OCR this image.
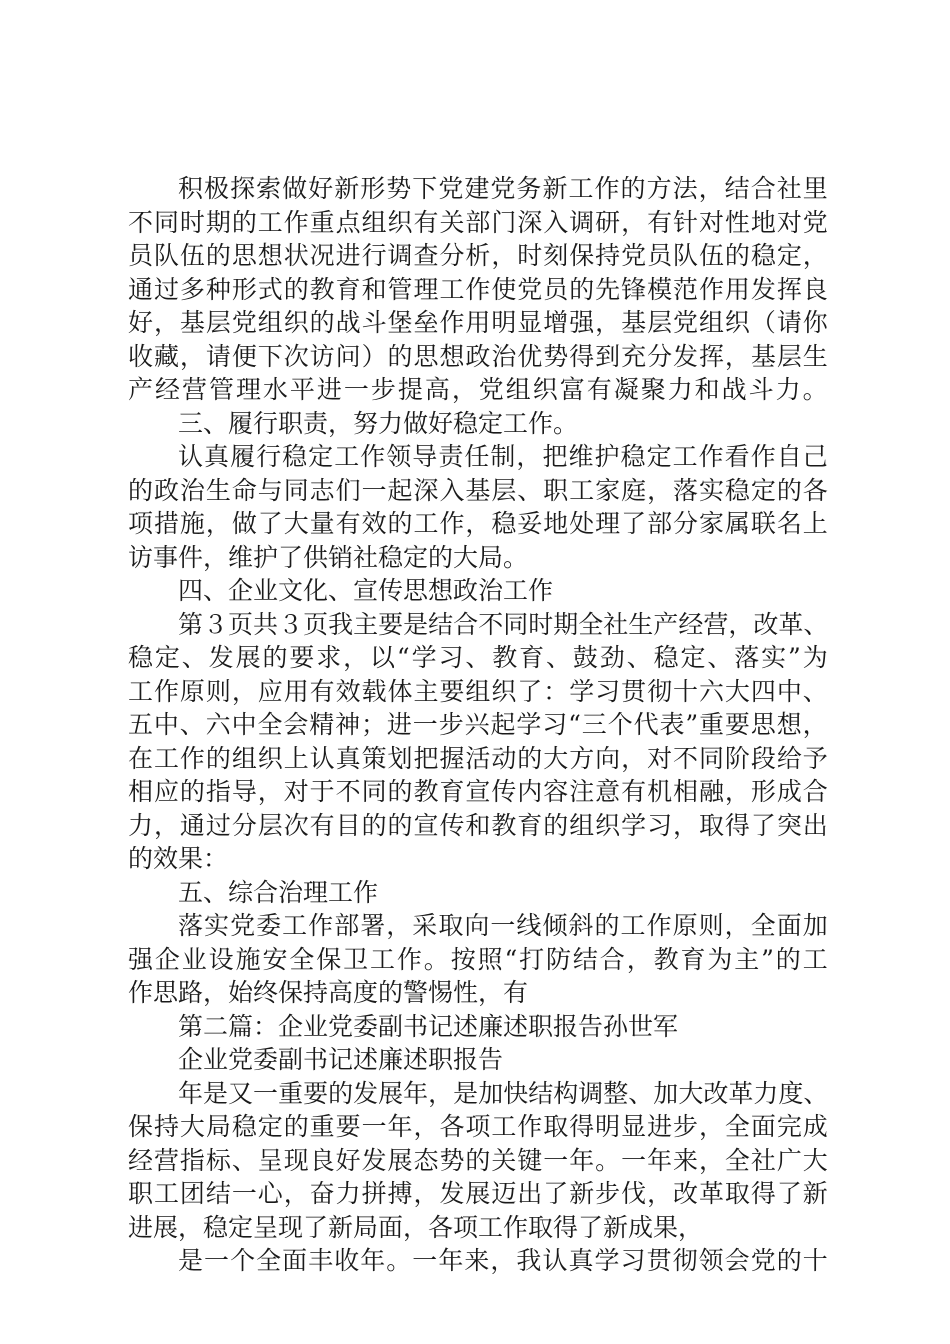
积 极 探 索 做 好 新 形 势 下 党 建 党 务 新 工 作 的 方 法 ， 结 合 社 里
不 同 时 期 的 工 作 重 点 组 织 有 关 部 门 深 入 调 研 ， 有 针 对 性 地 对 党
员 队 伍 的 思 想 状 况 进 行 调 查 分 析 ， 时 刻 保 持 党 员 队 伍 的 稳 定 ，
通 过 多 种 形 式 的 教 育 和 管 理 工 作 使 党 员 的 先 锋 模 范 作 用 发 挥 良
好 ， 基 层 党 组 织 的 战 斗 堡 垒 作 用 明 显 增 强 ， 基 层 党 组 织 （ 请 你
收 藏 ， 请 便 下 次 访 问 ） 的 思 想 政 治 优 势 得 到 充 分 发 挥 ， 基 层 生
产 经 营 管 理 水 平 进 一 步 提 高 ， 党 组 织 富 有 凝 聚 力 和 战 斗 力 。
三、履行职责，努力做好稳定工作。
认 真 履 行 稳 定 工 作 领 导 责 任 制 ， 把 维 护 稳 定 工 作 看 作 自 己
的 政 治 生 命 与 同 志 们 一 起 深 入 基 层 、 职 工 家 庭 ， 落 实 稳 定 的 各
项 措 施 ， 做 了 大 量 有 效 的 工 作 ， 稳 妥 地 处 理 了 部 分 家 属 联 名 上
访事件，维护了供销社稳定的大局。
四、企业文化、宣传思想政治工作
第 ３ 页 共 ３ 页 我 主 要 是 结 合 不 同 时 期 全 社 生 产 经 营 ， 改 革 、
稳 定 、 发 展 的 要 求 ， 以 “ 学 习 、 教 育 、 鼓 劲 、 稳 定 、 落 实 ” 为
工 作 原 则 ， 应 用 有 效 载 体 主 要 组 织 了 ： 学 习 贯 彻 十 六 大 四 中 、
五 中 、 六 中 全 会 精 神 ； 进 一 步 兴 起 学 习 “ 三 个 代 表 ” 重 要 思 想 ，
在 工 作 的 组 织 上 认 真 策 划 把 握 活 动 的 大 方 向 ， 对 不 同 阶 段 给 予
相 应 的 指 导 ， 对 于 不 同 的 教 育 宣 传 内 容 注 意 有 机 相 融 ， 形 成 合
力 ， 通 过 分 层 次 有 目 的 的 宣 传 和 教 育 的 组 织 学 习 ， 取 得 了 突 出
的效果：
五、综合治理工作
落 实 党 委 工 作 部 署 ， 采 取 向 一 线 倾 斜 的 工 作 原 则 ， 全 面 加
强 企 业 设 施 安 全 保 卫 工 作 。 按 照 “ 打 防 结 合 ， 教 育 为 主 ” 的 工
作思路，始终保持高度的警惕性，有
第二篇：企业党委副书记述廉述职报告孙世军
企业党委副书记述廉述职报告
年 是 又 一 重 要 的 发 展 年 ， 是 加 快 结 构 调 整 、 加 大 改 革 力 度 、
保 持 大 局 稳 定 的 重 要 一 年 ， 各 项 工 作 取 得 明 显 进 步 ， 全 面 完 成
经 营 指 标 、 呈 现 良 好 发 展 态 势 的 关 键 一 年 。 一 年 来 ， 全 社 广 大
职 工 团 结 一 心 ， 奋 力 拼 搏 ， 发 展 迈 出 了 新 步 伐 ， 改 革 取 得 了 新
进展，稳定呈现了新局面，各项工作取得了新成果，
是 一 个 全 面 丰 收 年 。 一 年 来 ， 我 认 真 学 习 贯 彻 领 会 党 的 十
